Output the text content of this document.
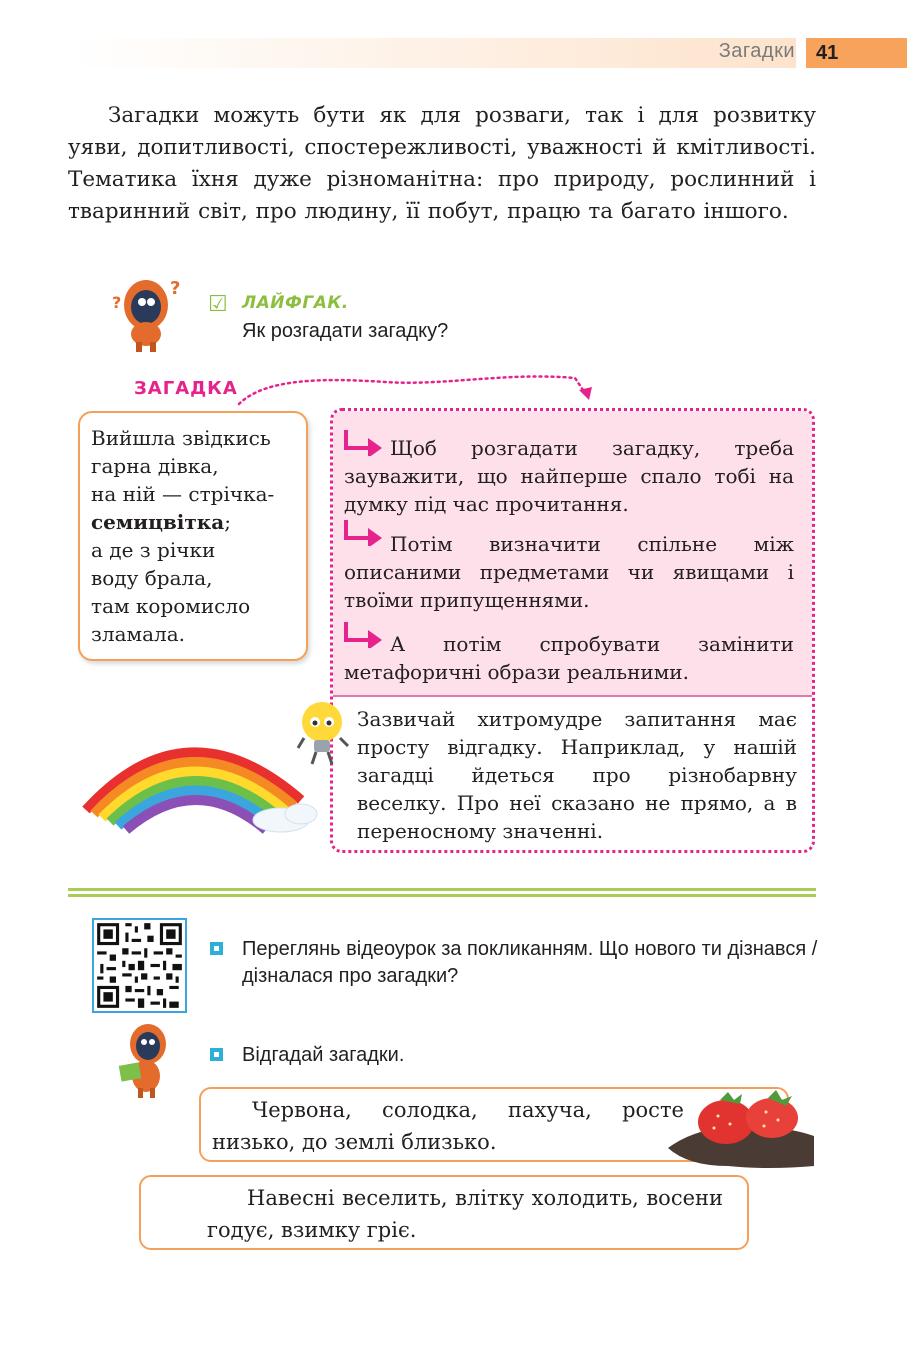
Загадки	41
Загадки можуть бути як для розваги, так і для розвитку уяви, допитливості, спостережливості, уважності й кмітливості. Тематика їхня дуже різноманітна: про природу, рослинний і тваринний світ, про людину, її побут, працю та багато іншого.
?
?
☑ ЛАЙФГАК.
Як розгадати загадку?
ЗАГАДКА
Вийшла звідкись
гарна дівка,
на ній — стрічка-
семицвітка;
а де з річки
воду брала,
там коромисло
зламала.
Щоб розгадати загадку, треба зауважити, що найперше спало тобі на думку під час прочитання.
Потім визначити спільне між описаними предметами чи явищами і твоїми припущеннями.
А потім спробувати замінити метафоричні образи реальними.
Зазвичай хитромудре запитання має просту відгадку. Наприклад, у нашій загадці йдеться про різнобарвну веселку. Про неї сказано не прямо, а в переносному значенні.
Переглянь відеоурок за покликанням. Що нового ти дізнався / дізналася про загадки?
Відгадай загадки.
Червона, солодка, пахуча, росте низько, до землі близько.
Навесні веселить, влітку холодить, восени годує, взимку гріє.
